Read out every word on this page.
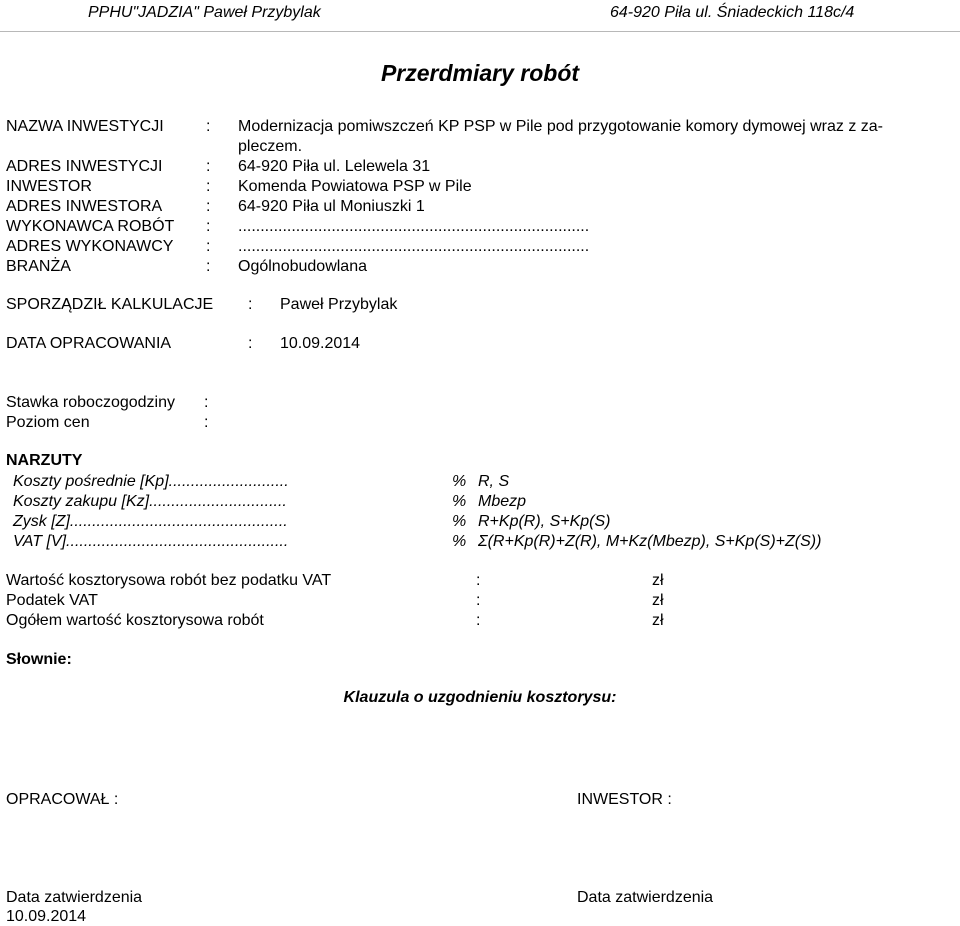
PPHU"JADZIA" Paweł Przybylak	64-920 Piła ul. Śniadeckich 118c/4
Przerdmiary robót
NAZWA INWESTYCJI	: Modernizacja pomiwszczeń KP PSP w Pile pod przygotowanie komory dymowej wraz z za-
pleczem.
ADRES INWESTYCJI	: 64-920 Piła ul. Lelewela 31
INWESTOR	: Komenda Powiatowa PSP w Pile
ADRES INWESTORA	: 64-920 Piła ul Moniuszki 1
WYKONAWCA ROBÓT : ...............................................................................
ADRES WYKONAWCY : ...............................................................................
BRANŻA	: Ogólnobudowlana
SPORZĄDZIŁ KALKULACJE : Paweł Przybylak
DATA OPRACOWANIA	: 10.09.2014
Stawka roboczogodziny :
Poziom cen	:
NARZUTY
Koszty pośrednie [Kp]...........................	% R, S
Koszty zakupu [Kz]...............................	% Mbezp
Zysk [Z].................................................	% R+Kp(R), S+Kp(S)
VAT [V]..................................................	% Σ(R+Kp(R)+Z(R), M+Kz(Mbezp), S+Kp(S)+Z(S))
Wartość kosztorysowa robót bez podatku VAT	:	zł
Podatek VAT	:	zł
Ogółem wartość kosztorysowa robót	:	zł
Słownie:
Klauzula o uzgodnieniu kosztorysu:
OPRACOWAŁ :	INWESTOR :
Data zatwierdzenia
10.09.2014
Data zatwierdzenia
